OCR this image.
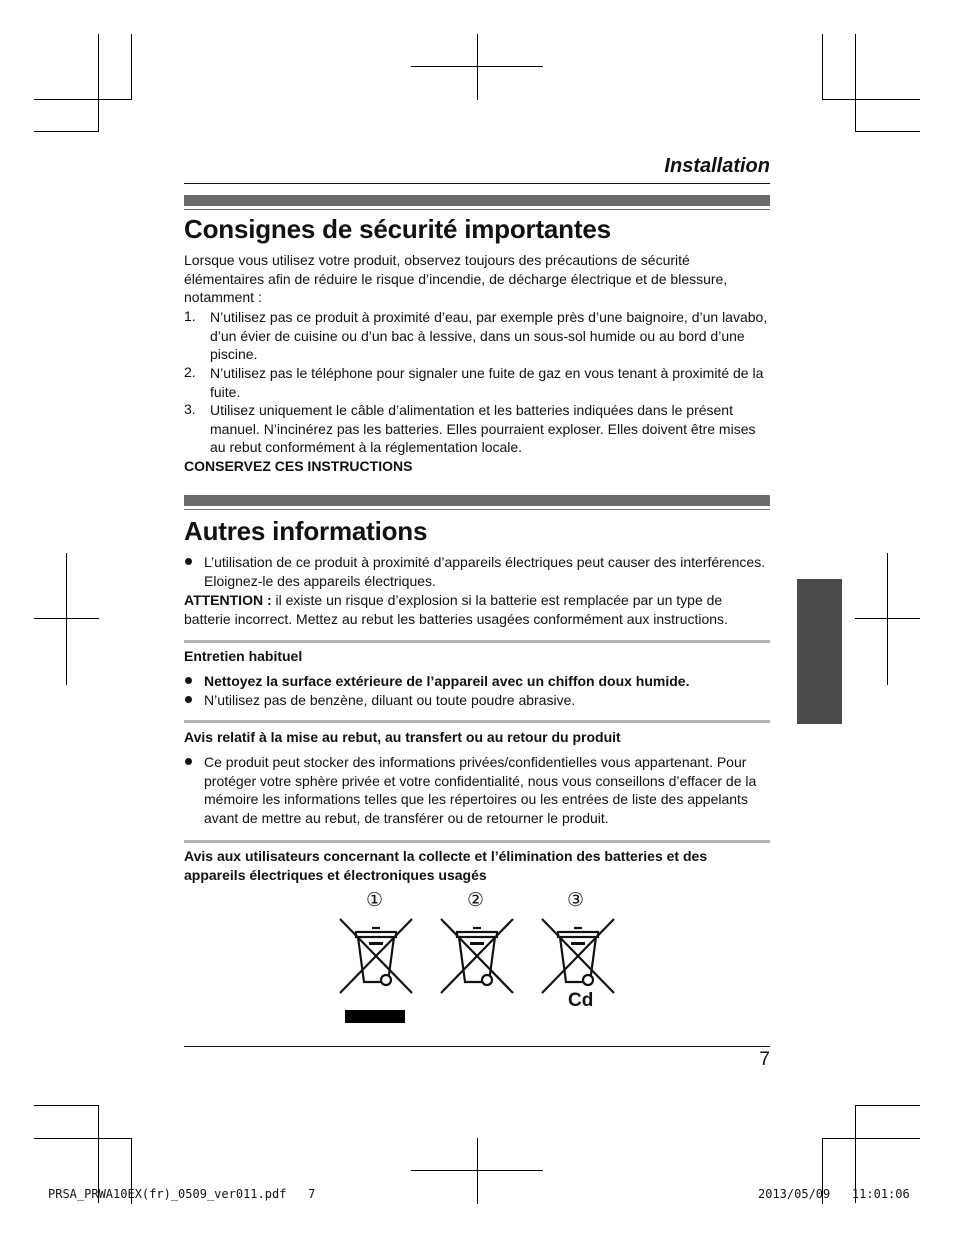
Installation
Consignes de sécurité importantes
Lorsque vous utilisez votre produit, observez toujours des précautions de sécurité élémentaires afin de réduire le risque d’incendie, de décharge électrique et de blessure, notamment :
1. N’utilisez pas ce produit à proximité d’eau, par exemple près d’une baignoire, d’un lavabo, d’un évier de cuisine ou d’un bac à lessive, dans un sous-sol humide ou au bord d’une piscine.
2. N’utilisez pas le téléphone pour signaler une fuite de gaz en vous tenant à proximité de la fuite.
3. Utilisez uniquement le câble d’alimentation et les batteries indiquées dans le présent manuel. N’incinérez pas les batteries. Elles pourraient exploser. Elles doivent être mises au rebut conformément à la réglementation locale.
CONSERVEZ CES INSTRUCTIONS
Autres informations
L’utilisation de ce produit à proximité d’appareils électriques peut causer des interférences. Eloignez-le des appareils électriques.
ATTENTION : il existe un risque d’explosion si la batterie est remplacée par un type de batterie incorrect. Mettez au rebut les batteries usagées conformément aux instructions.
Entretien habituel
Nettoyez la surface extérieure de l’appareil avec un chiffon doux humide.
N’utilisez pas de benzène, diluant ou toute poudre abrasive.
Avis relatif à la mise au rebut, au transfert ou au retour du produit
Ce produit peut stocker des informations privées/confidentielles vous appartenant. Pour protéger votre sphère privée et votre confidentialité, nous vous conseillons d’effacer de la mémoire les informations telles que les répertoires ou les entrées de liste des appelants avant de mettre au rebut, de transférer ou de retourner le produit.
Avis aux utilisateurs concernant la collecte et l’élimination des batteries et des appareils électriques et électroniques usagés
①	②	③
Cd
7
PRSA_PRWA10EX(fr)_0509_ver011.pdf   7	2013/05/09   11:01:06
